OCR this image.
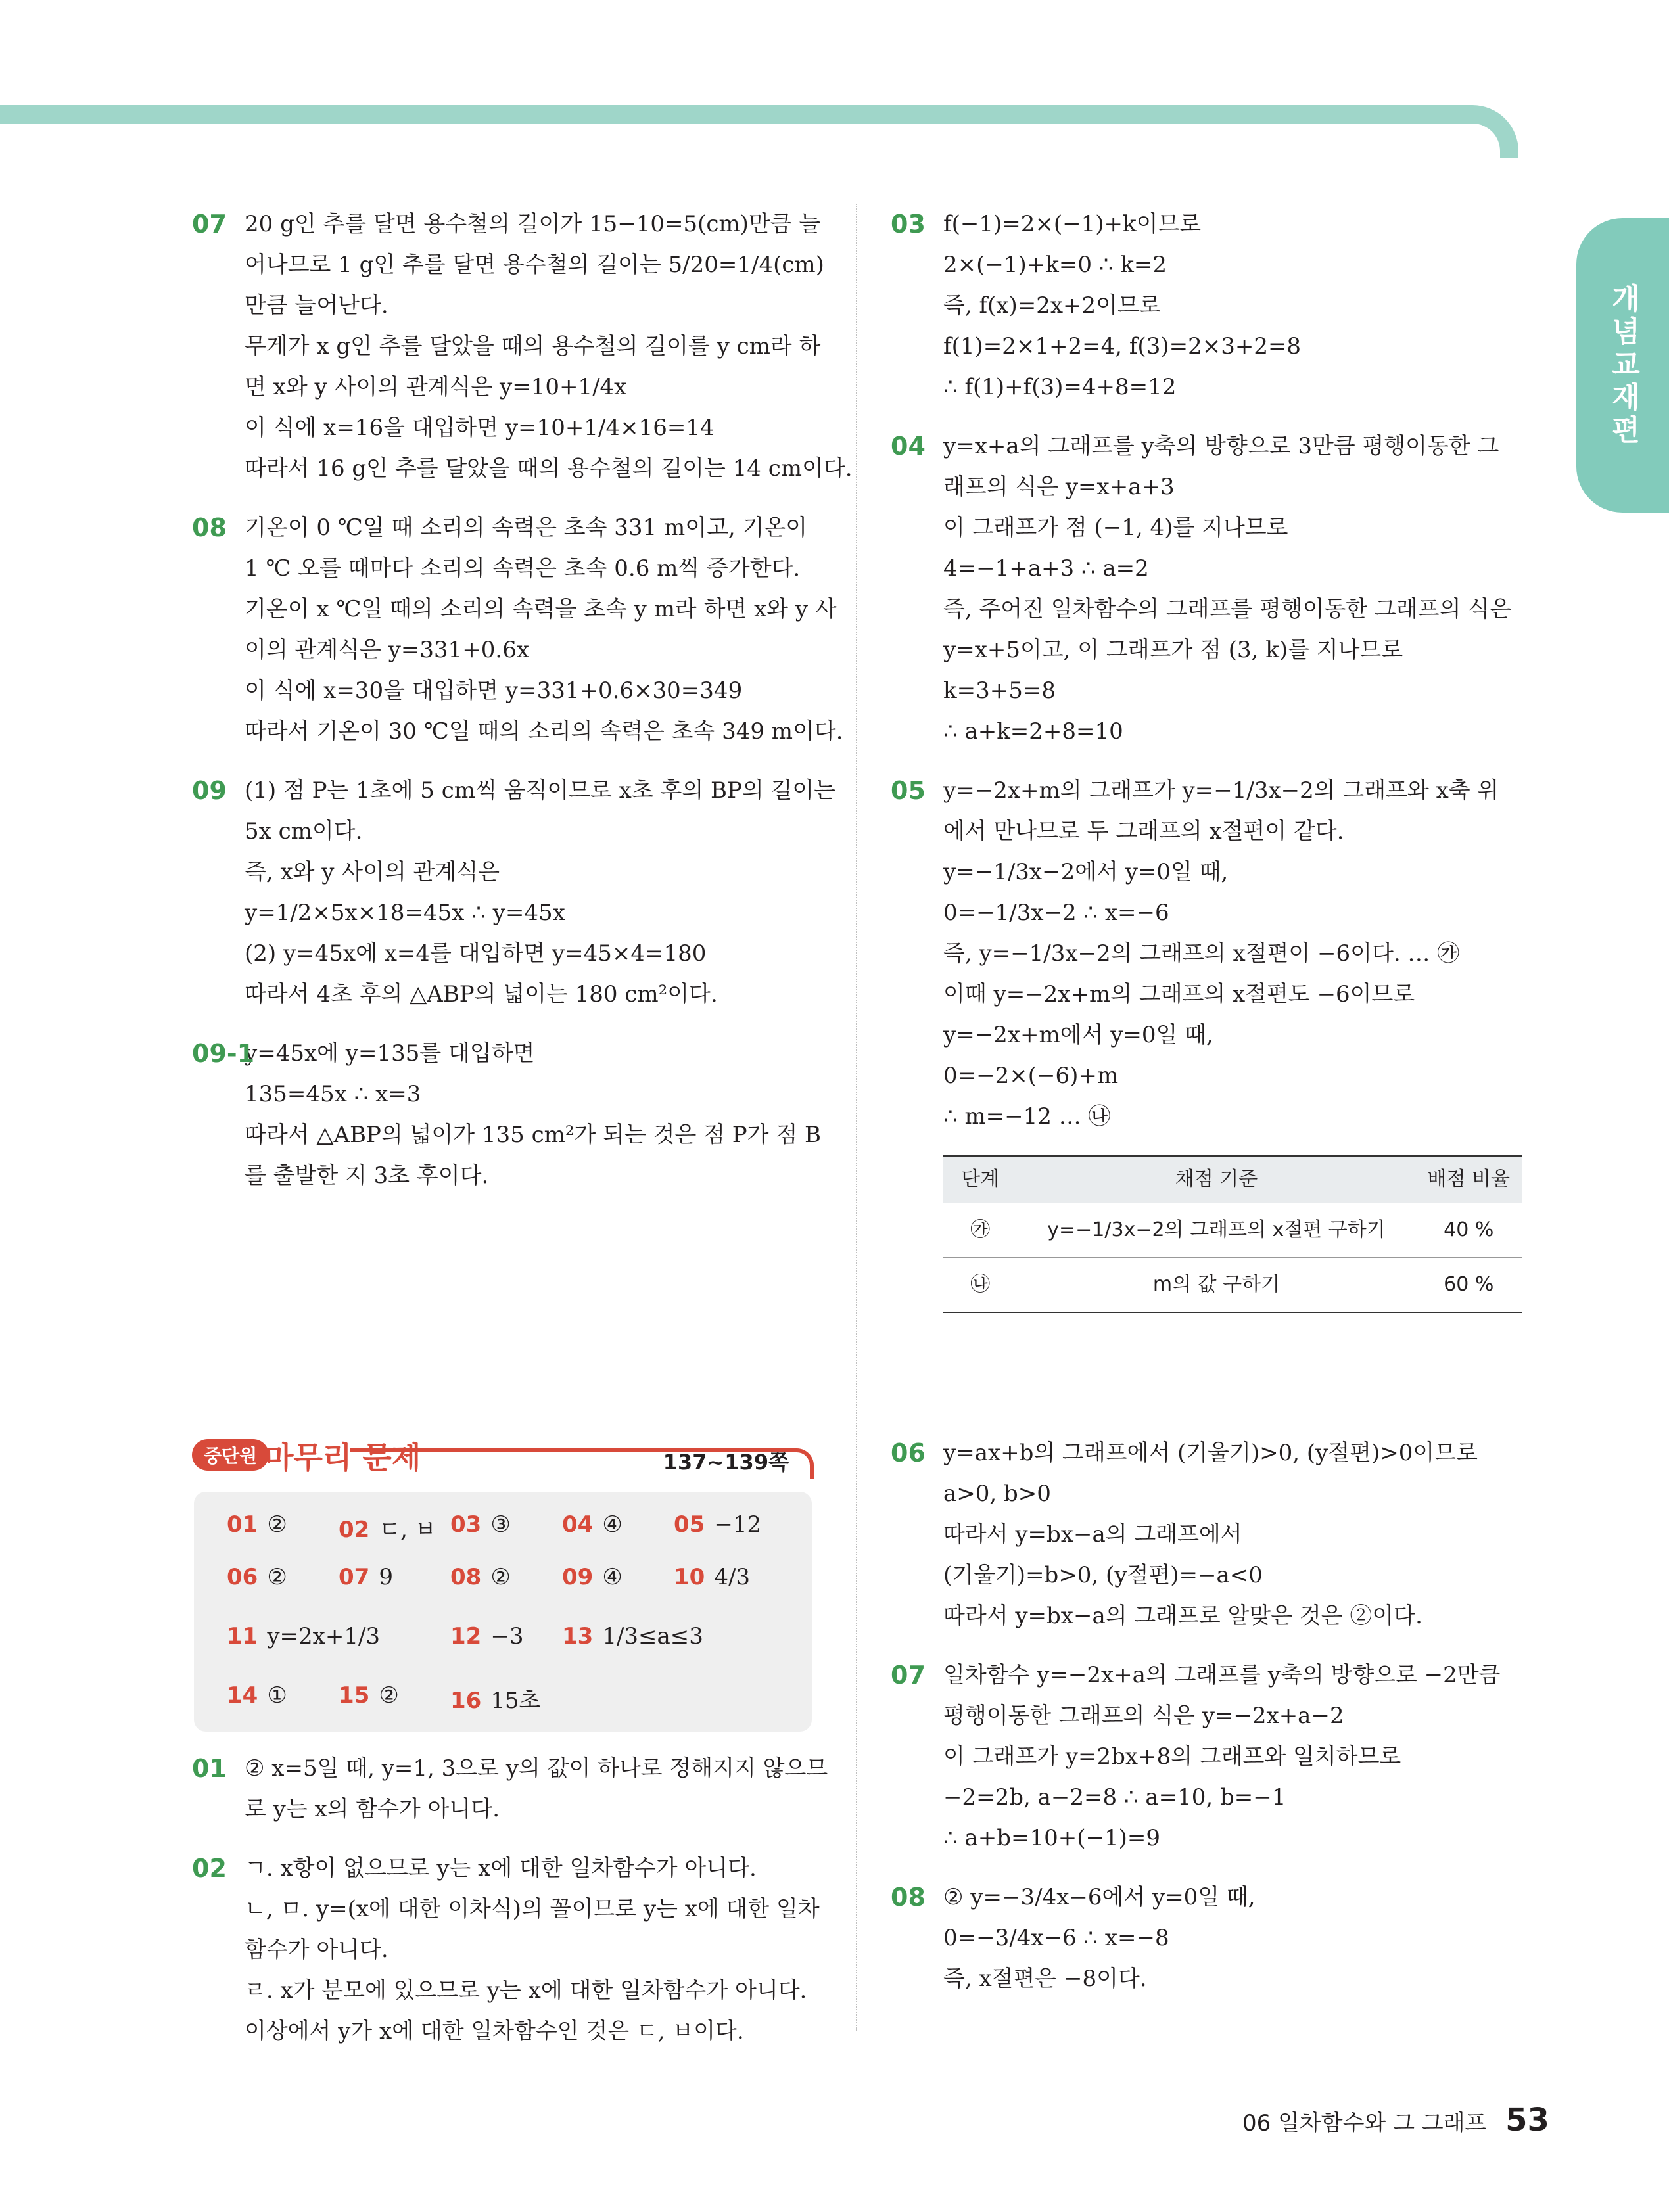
개념교재편
07 20 g인 추를 달면 용수철의 길이가 15−10=5(cm)만큼 늘
어나므로 1 g인 추를 달면 용수철의 길이는 5/20=1/4(cm)
만큼 늘어난다.
무게가 x g인 추를 달았을 때의 용수철의 길이를 y cm라 하
면 x와 y 사이의 관계식은 y=10+1/4x
이 식에 x=16을 대입하면 y=10+1/4×16=14
따라서 16 g인 추를 달았을 때의 용수철의 길이는 14 cm이다.
08 기온이 0 ℃일 때 소리의 속력은 초속 331 m이고, 기온이
1 ℃ 오를 때마다 소리의 속력은 초속 0.6 m씩 증가한다.
기온이 x ℃일 때의 소리의 속력을 초속 y m라 하면 x와 y 사
이의 관계식은 y=331+0.6x
이 식에 x=30을 대입하면 y=331+0.6×30=349
따라서 기온이 30 ℃일 때의 소리의 속력은 초속 349 m이다.
09 (1) 점 P는 1초에 5 cm씩 움직이므로 x초 후의 BP의 길이는
5x cm이다.
즉, x와 y 사이의 관계식은
y=1/2×5x×18=45x ∴ y=45x
(2) y=45x에 x=4를 대입하면 y=45×4=180
따라서 4초 후의 △ABP의 넓이는 180 cm²이다.
09-1
y=45x에 y=135를 대입하면
135=45x ∴ x=3
따라서 △ABP의 넓이가 135 cm²가 되는 것은 점 P가 점 B
를 출발한 지 3초 후이다.
중단원 마무리 문제	137~139쪽
01 ② 02 ㄷ, ㅂ 03 ③ 04 ④ 05 −12
06 ② 07 9	08 ② 09 ④ 10 4/3
11 y=2x+1/3	12 −3 13 1/3≤a≤3
14 ① 15 ② 16 15초
01 ② x=5일 때, y=1, 3으로 y의 값이 하나로 정해지지 않으므
로 y는 x의 함수가 아니다.
02 ㄱ. x항이 없으므로 y는 x에 대한 일차함수가 아니다.
ㄴ, ㅁ. y=(x에 대한 이차식)의 꼴이므로 y는 x에 대한 일차
함수가 아니다.
ㄹ. x가 분모에 있으므로 y는 x에 대한 일차함수가 아니다.
이상에서 y가 x에 대한 일차함수인 것은 ㄷ, ㅂ이다.
03 f(−1)=2×(−1)+k이므로
2×(−1)+k=0 ∴ k=2
즉, f(x)=2x+2이므로
f(1)=2×1+2=4, f(3)=2×3+2=8
∴ f(1)+f(3)=4+8=12
04 y=x+a의 그래프를 y축의 방향으로 3만큼 평행이동한 그
래프의 식은 y=x+a+3
이 그래프가 점 (−1, 4)를 지나므로
4=−1+a+3 ∴ a=2
즉, 주어진 일차함수의 그래프를 평행이동한 그래프의 식은
y=x+5이고, 이 그래프가 점 (3, k)를 지나므로
k=3+5=8
∴ a+k=2+8=10
05 y=−2x+m의 그래프가 y=−1/3x−2의 그래프와 x축 위
에서 만나므로 두 그래프의 x절편이 같다.
y=−1/3x−2에서 y=0일 때,
0=−1/3x−2 ∴ x=−6
즉, y=−1/3x−2의 그래프의 x절편이 −6이다. … ㉮
이때 y=−2x+m의 그래프의 x절편도 −6이므로
y=−2x+m에서 y=0일 때,
0=−2×(−6)+m
∴ m=−12 … ㉯
단계	채점 기준	배점 비율
㉮	y=−1/3x−2의 그래프의 x절편 구하기	40 %
㉯	m의 값 구하기	60 %
06 y=ax+b의 그래프에서 (기울기)>0, (y절편)>0이므로
a>0, b>0
따라서 y=bx−a의 그래프에서
(기울기)=b>0, (y절편)=−a<0
따라서 y=bx−a의 그래프로 알맞은 것은 ②이다.
07 일차함수 y=−2x+a의 그래프를 y축의 방향으로 −2만큼
평행이동한 그래프의 식은 y=−2x+a−2
이 그래프가 y=2bx+8의 그래프와 일치하므로
−2=2b, a−2=8 ∴ a=10, b=−1
∴ a+b=10+(−1)=9
08 ② y=−3/4x−6에서 y=0일 때,
0=−3/4x−6 ∴ x=−8
즉, x절편은 −8이다.
06 일차함수와 그 그래프 53
